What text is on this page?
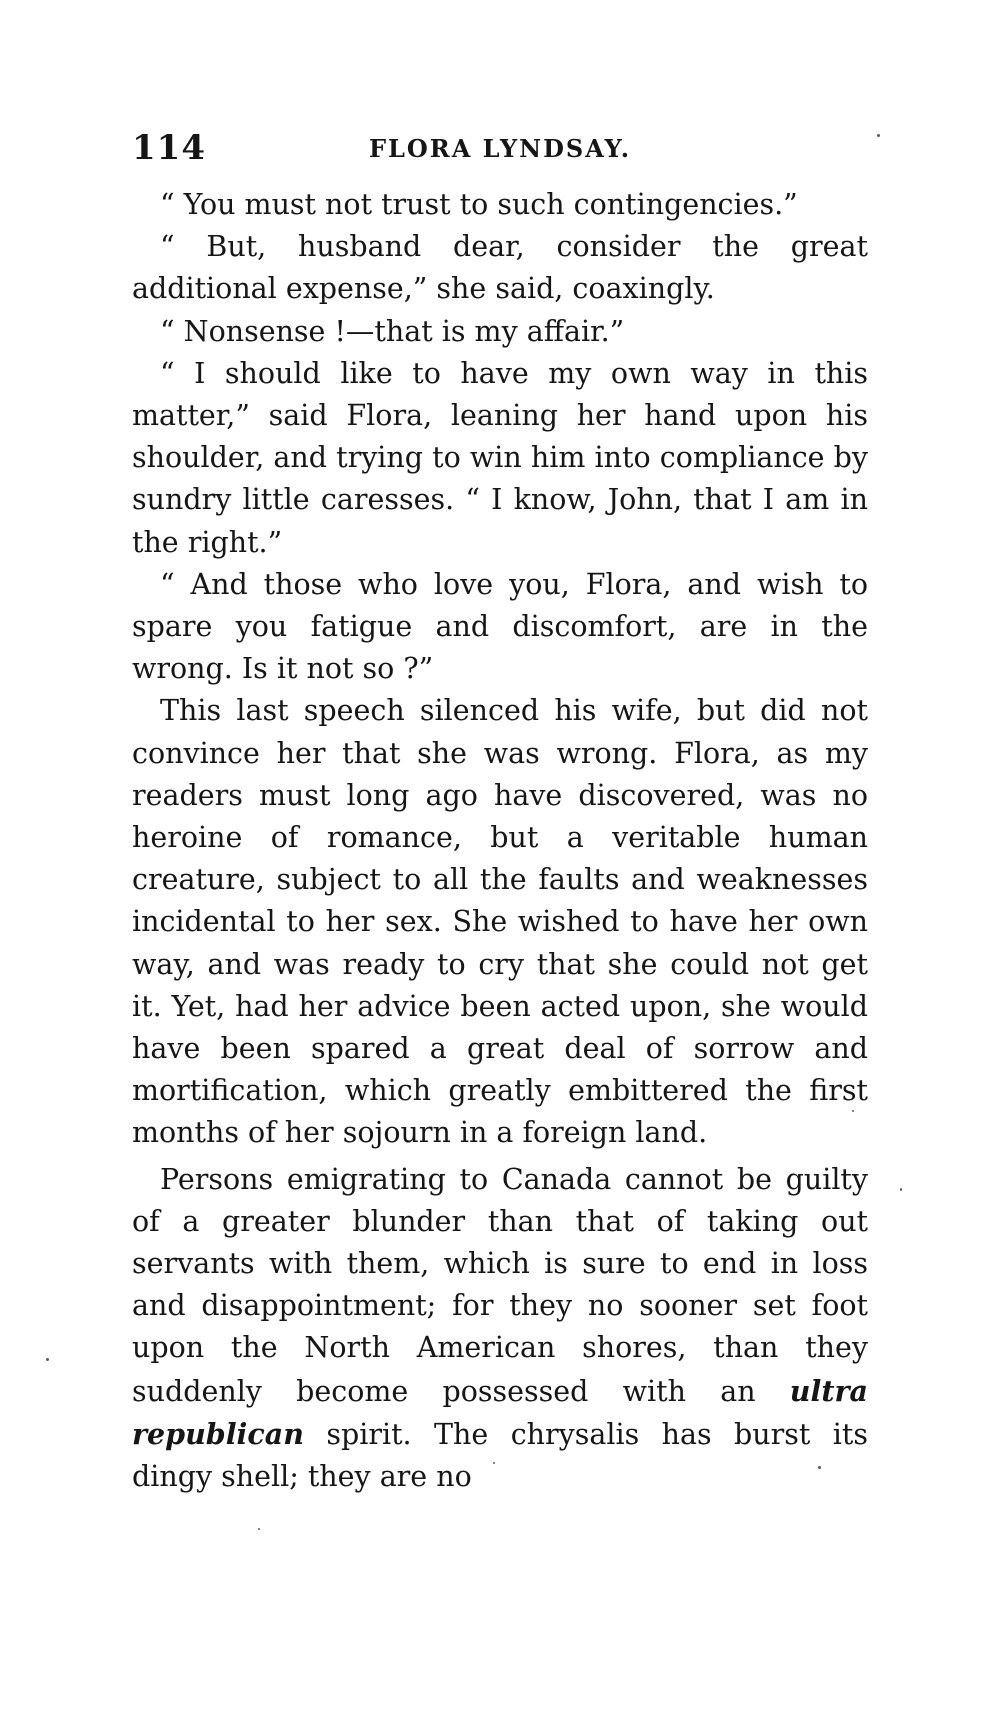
114	FLORA LYNDSAY.

“ You must not trust to such contingencies.”

“ But, husband dear, consider the great additional expense,” she said, coaxingly.

“ Nonsense !—that is my affair.”

“ I should like to have my own way in this matter,” said Flora, leaning her hand upon his shoulder, and trying to win him into compliance by sundry little caresses. “ I know, John, that I am in the right.”

“ And those who love you, Flora, and wish to spare you fatigue and discomfort, are in the wrong. Is it not so ?”

This last speech silenced his wife, but did not convince her that she was wrong. Flora, as my readers must long ago have discovered, was no heroine of romance, but a veritable human creature, subject to all the faults and weaknesses incidental to her sex. She wished to have her own way, and was ready to cry that she could not get it. Yet, had her advice been acted upon, she would have been spared a great deal of sorrow and mortification, which greatly embittered the first months of her sojourn in a foreign land.

Persons emigrating to Canada cannot be guilty of a greater blunder than that of taking out servants with them, which is sure to end in loss and disappointment; for they no sooner set foot upon the North American shores, than they suddenly become possessed with an ultra republican spirit. The chrysalis has burst its dingy shell; they are no
